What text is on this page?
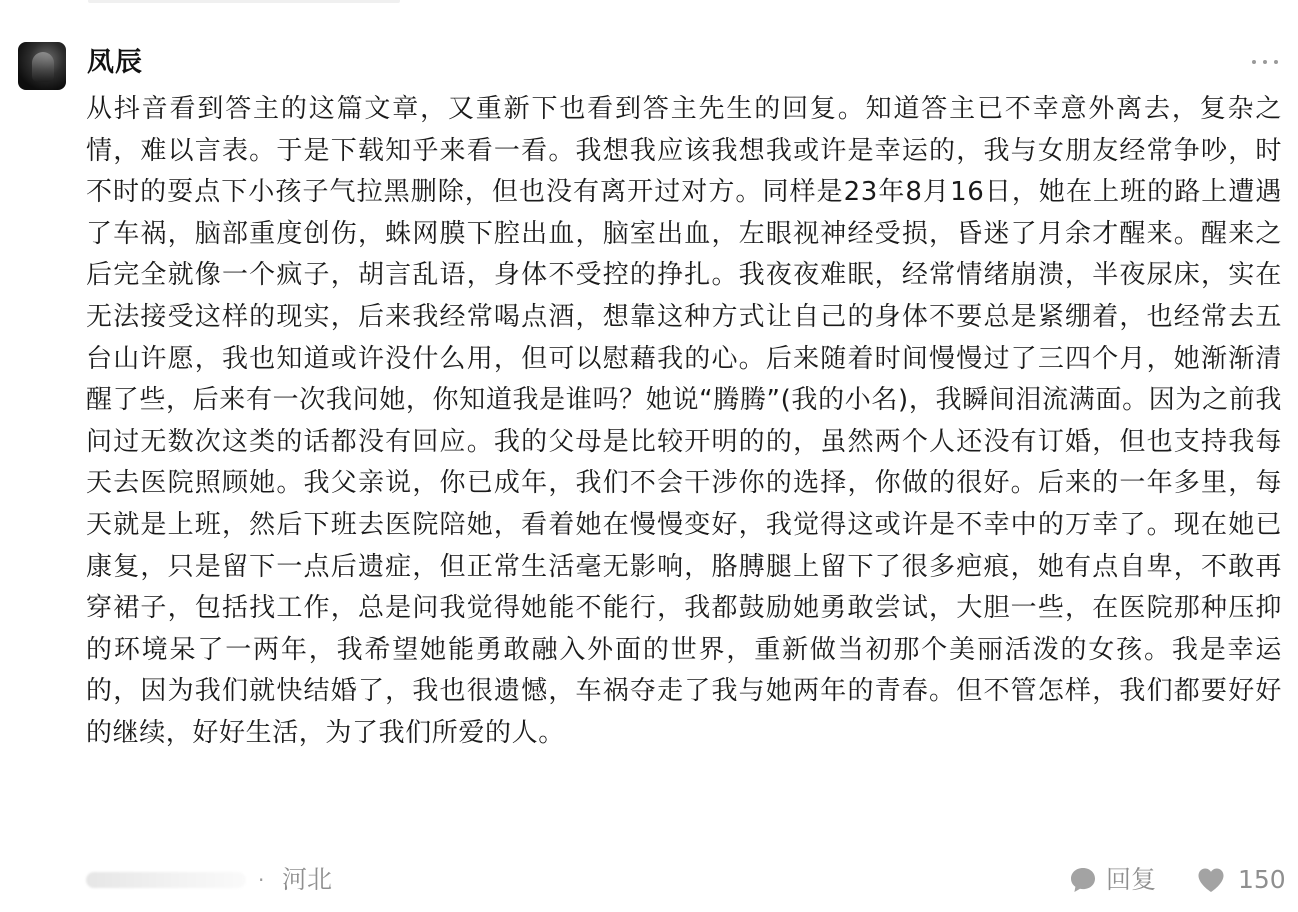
凤辰

从抖音看到答主的这篇文章，又重新下也看到答主先生的回复。知道答主已不幸意外离去，复杂之情，难以言表。于是下载知乎来看一看。我想我应该我想我或许是幸运的，我与女朋友经常争吵，时不时的耍点下小孩子气拉黑删除，但也没有离开过对方。同样是23年8月16日，她在上班的路上遭遇了车祸，脑部重度创伤，蛛网膜下腔出血，脑室出血，左眼视神经受损，昏迷了月余才醒来。醒来之后完全就像一个疯子，胡言乱语，身体不受控的挣扎。我夜夜难眠，经常情绪崩溃，半夜尿床，实在无法接受这样的现实，后来我经常喝点酒，想靠这种方式让自己的身体不要总是紧绷着，也经常去五台山许愿，我也知道或许没什么用，但可以慰藉我的心。后来随着时间慢慢过了三四个月，她渐渐清醒了些，后来有一次我问她，你知道我是谁吗？她说“腾腾”(我的小名)，我瞬间泪流满面。因为之前我问过无数次这类的话都没有回应。我的父母是比较开明的的，虽然两个人还没有订婚，但也支持我每天去医院照顾她。我父亲说，你已成年，我们不会干涉你的选择，你做的很好。后来的一年多里，每天就是上班，然后下班去医院陪她，看着她在慢慢变好，我觉得这或许是不幸中的万幸了。现在她已康复，只是留下一点后遗症，但正常生活毫无影响，胳膊腿上留下了很多疤痕，她有点自卑，不敢再穿裙子，包括找工作，总是问我觉得她能不能行，我都鼓励她勇敢尝试，大胆一些，在医院那种压抑的环境呆了一两年，我希望她能勇敢融入外面的世界，重新做当初那个美丽活泼的女孩。我是幸运的，因为我们就快结婚了，我也很遗憾，车祸夺走了我与她两年的青春。但不管怎样，我们都要好好的继续，好好生活，为了我们所爱的人。

· 河北	回复	150
